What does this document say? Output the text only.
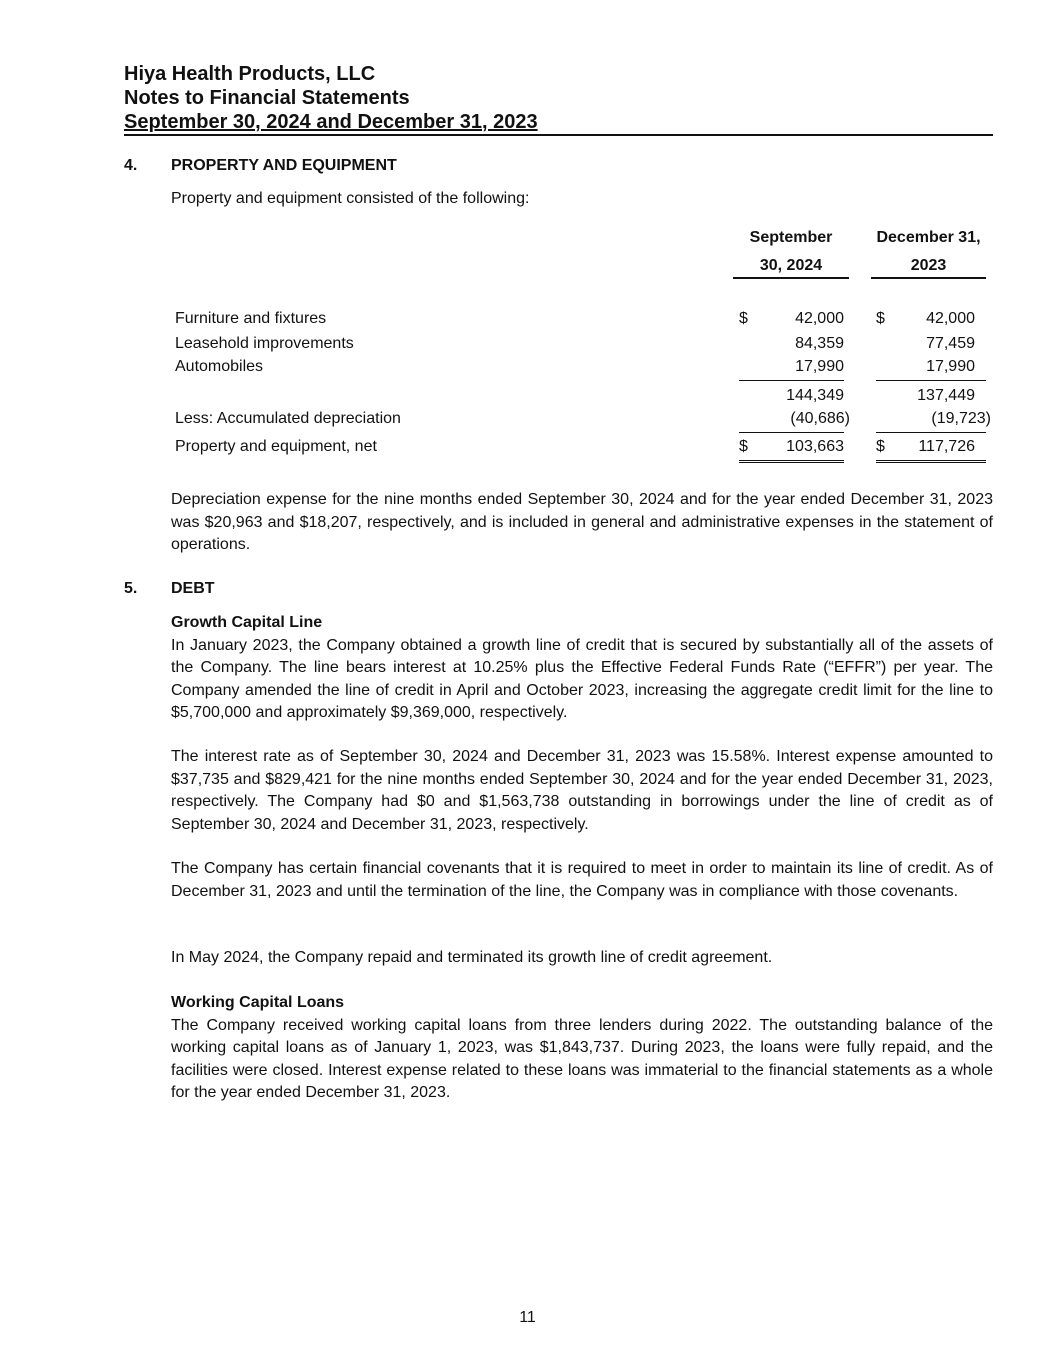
Hiya Health Products, LLC
Notes to Financial Statements
September 30, 2024 and December 31, 2023
4. PROPERTY AND EQUIPMENT
Property and equipment consisted of the following:
September
30, 2024
December 31,
2023
Furniture and fixtures	$	42,000 $	42,000
Leasehold improvements	84,359	77,459
Automobiles	17,990	17,990
144,349	137,449
Less: Accumulated depreciation	(40,686)	(19,723)
Property and equipment, net	$ 103,663 $ 117,726
Depreciation expense for the nine months ended September 30, 2024 and for the year ended December 31, 2023 was $20,963 and $18,207, respectively, and is included in general and administrative expenses in the statement of operations.
5. DEBT
Growth Capital Line
In January 2023, the Company obtained a growth line of credit that is secured by substantially all of the assets of the Company. The line bears interest at 10.25% plus the Effective Federal Funds Rate (“EFFR”) per year. The Company amended the line of credit in April and October 2023, increasing the aggregate credit limit for the line to $5,700,000 and approximately $9,369,000, respectively.
The interest rate as of September 30, 2024 and December 31, 2023 was 15.58%. Interest expense amounted to $37,735 and $829,421 for the nine months ended September 30, 2024 and for the year ended December 31, 2023, respectively. The Company had $0 and $1,563,738 outstanding in borrowings under the line of credit as of September 30, 2024 and December 31, 2023, respectively.
The Company has certain financial covenants that it is required to meet in order to maintain its line of credit. As of December 31, 2023 and until the termination of the line, the Company was in compliance with those covenants.
In May 2024, the Company repaid and terminated its growth line of credit agreement.
Working Capital Loans
The Company received working capital loans from three lenders during 2022. The outstanding balance of the working capital loans as of January 1, 2023, was $1,843,737. During 2023, the loans were fully repaid, and the facilities were closed. Interest expense related to these loans was immaterial to the financial statements as a whole for the year ended December 31, 2023.
11
